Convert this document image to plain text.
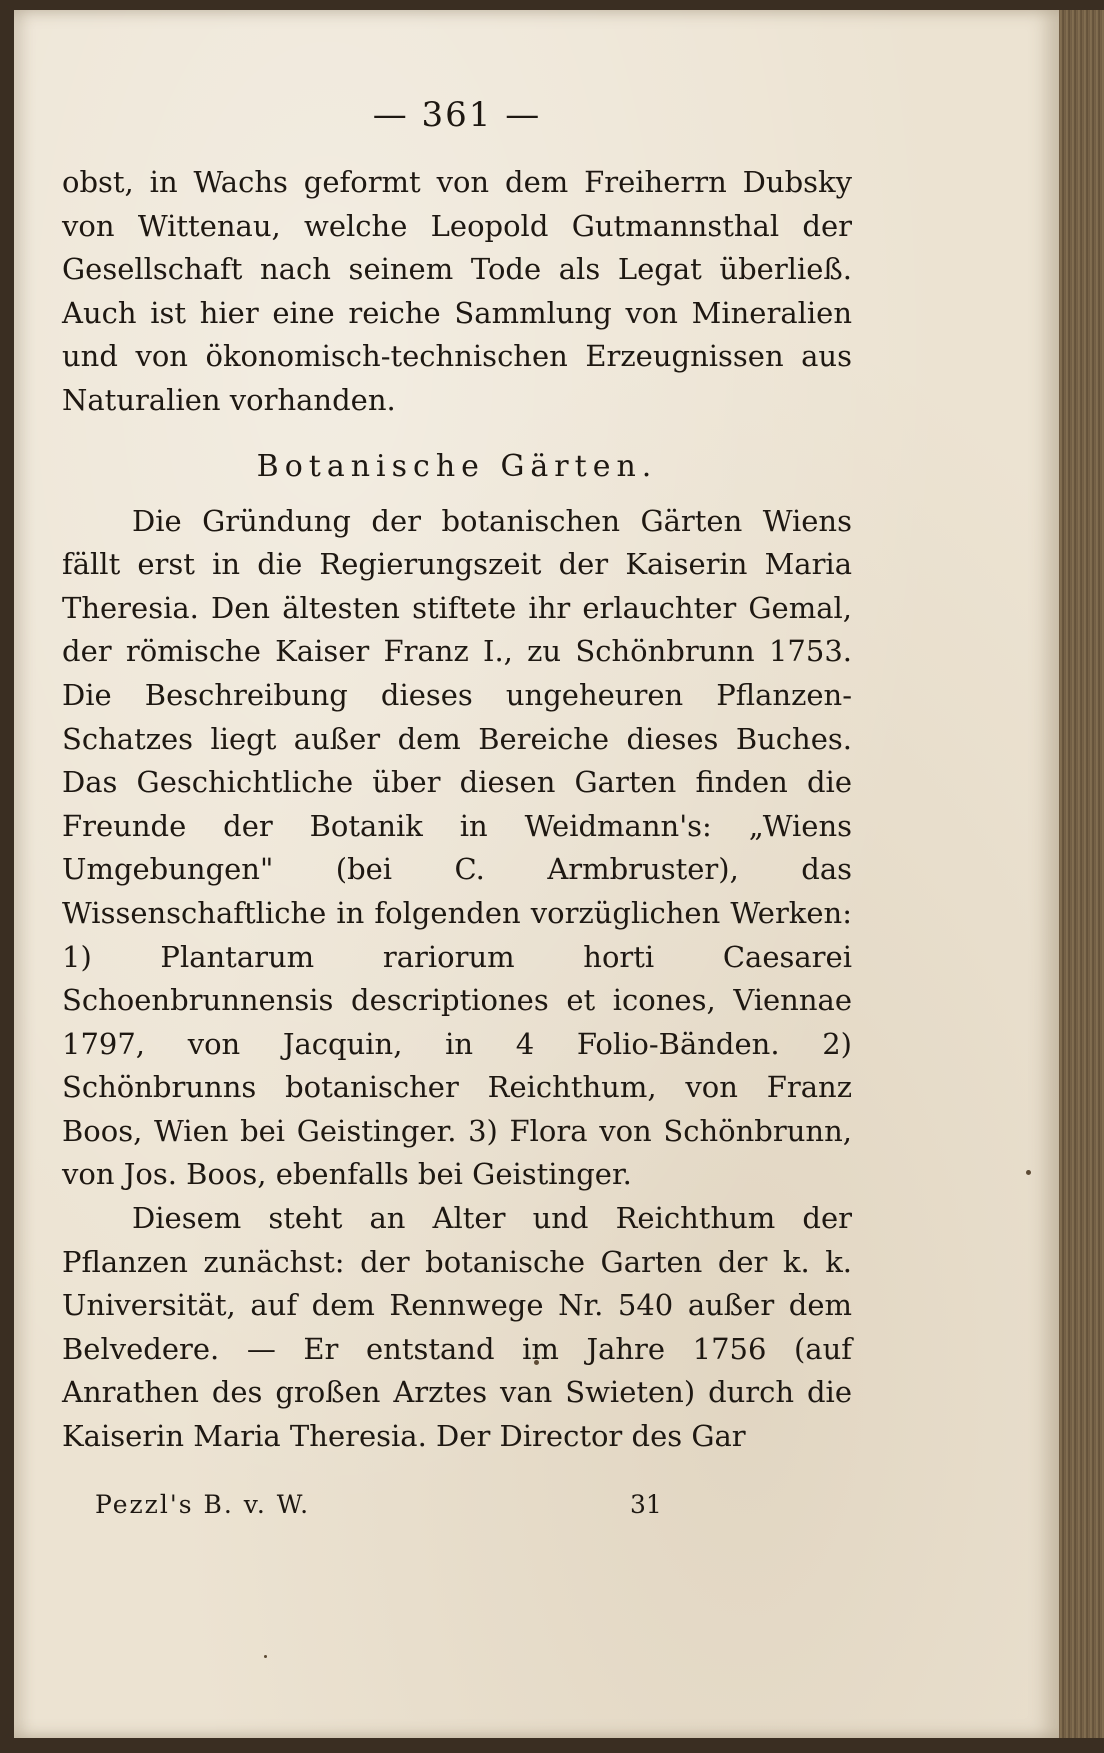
— 361 —

obst, in Wachs geformt von dem Freiherrn Dubsky von Wittenau, welche Leopold Gutmannsthal der Gesellschaft nach seinem Tode als Legat überließ. Auch ist hier eine reiche Sammlung von Mineralien und von ökonomisch-technischen Erzeugnissen aus Naturalien vorhanden.

Botanische Gärten.

Die Gründung der botanischen Gärten Wiens fällt erst in die Regierungszeit der Kaiserin Maria Theresia. Den ältesten stiftete ihr erlauchter Gemal, der römische Kaiser Franz I., zu Schönbrunn 1753. Die Beschreibung dieses ungeheuren Pflanzen-Schatzes liegt außer dem Bereiche dieses Buches. Das Geschichtliche über diesen Garten finden die Freunde der Botanik in Weidmann's: „Wiens Umgebungen" (bei C. Armbruster), das Wissenschaftliche in folgenden vorzüglichen Werken: 1) Plantarum rariorum horti Caesarei Schoenbrunnensis descriptiones et icones, Viennae 1797, von Jacquin, in 4 Folio-Bänden. 2) Schönbrunns botanischer Reichthum, von Franz Boos, Wien bei Geistinger. 3) Flora von Schönbrunn, von Jos. Boos, ebenfalls bei Geistinger.

Diesem steht an Alter und Reichthum der Pflanzen zunächst: der botanische Garten der k. k. Universität, auf dem Rennwege Nr. 540 außer dem Belvedere. — Er entstand im Jahre 1756 (auf Anrathen des großen Arztes van Swieten) durch die Kaiserin Maria Theresia. Der Director des Gar

Pezzl's B. v. W.	31
